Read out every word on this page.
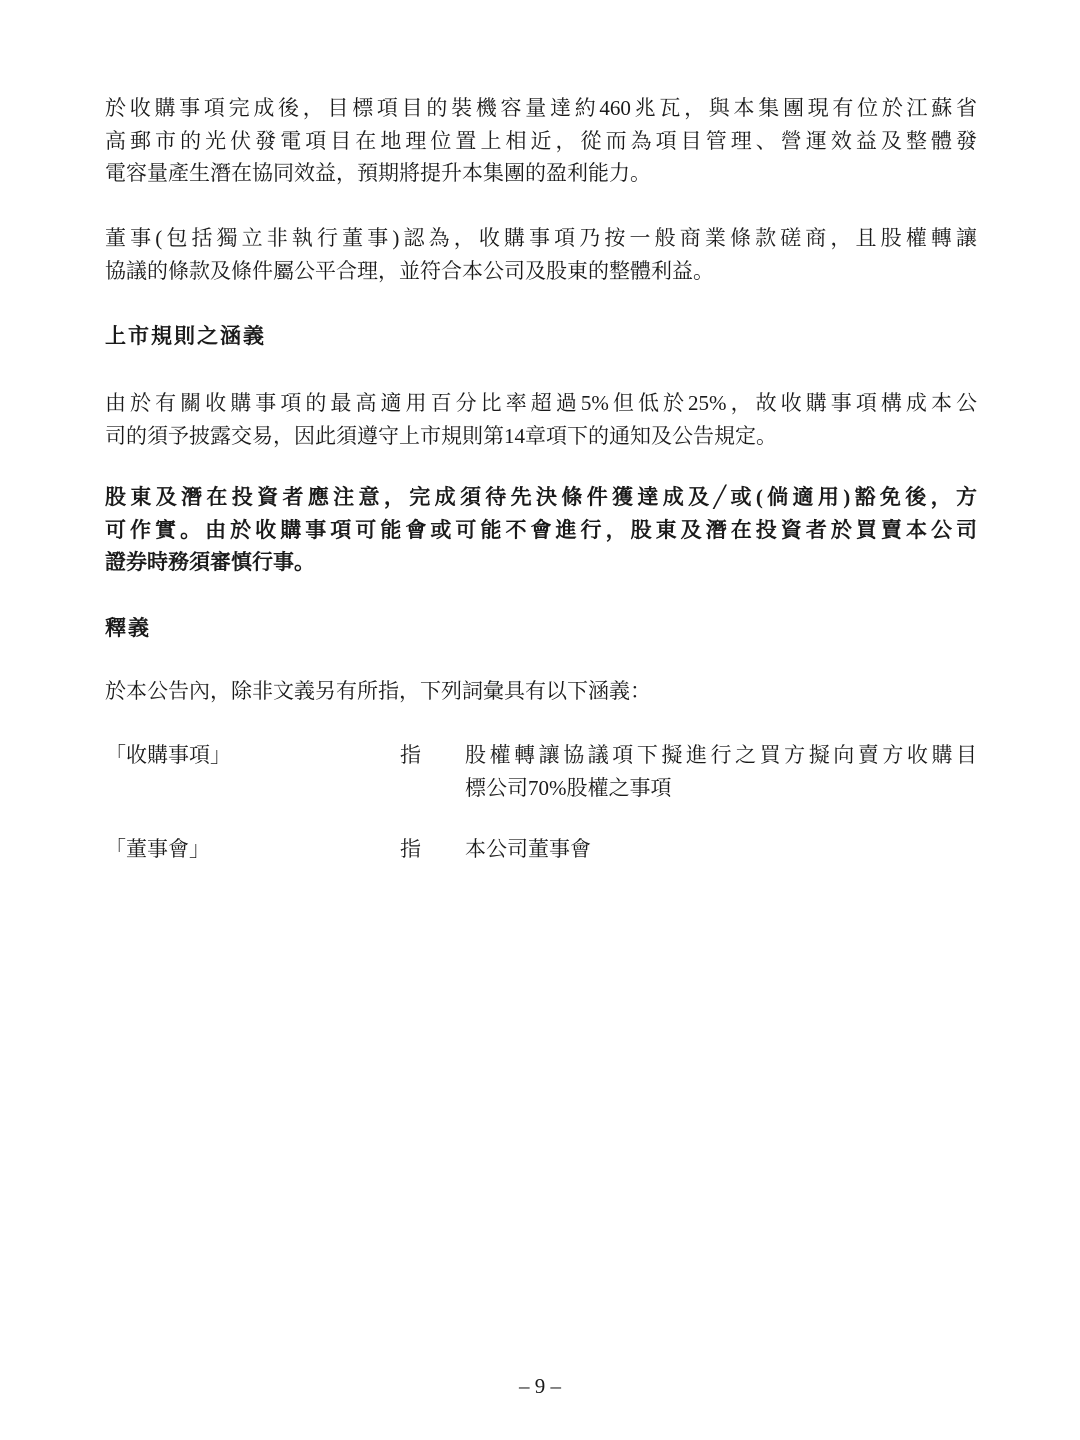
於收購事項完成後，目標項目的裝機容量達約460兆瓦，與本集團現有位於江蘇省
高郵市的光伏發電項目在地理位置上相近，從而為項目管理、營運效益及整體發
電容量產生潛在協同效益，預期將提升本集團的盈利能力。
董事(包括獨立非執行董事)認為，收購事項乃按一般商業條款磋商，且股權轉讓
協議的條款及條件屬公平合理，並符合本公司及股東的整體利益。
上市規則之涵義
由於有關收購事項的最高適用百分比率超過5%但低於25%，故收購事項構成本公
司的須予披露交易，因此須遵守上市規則第14章項下的通知及公告規定。
股東及潛在投資者應注意，完成須待先決條件獲達成及╱或(倘適用)豁免後，方
可作實。由於收購事項可能會或可能不會進行，股東及潛在投資者於買賣本公司
證券時務須審慎行事。
釋義
於本公告內，除非文義另有所指，下列詞彙具有以下涵義：
「收購事項」	指 股權轉讓協議項下擬進行之買方擬向賣方收購目
標公司70%股權之事項
「董事會」	指 本公司董事會
– 9 –
